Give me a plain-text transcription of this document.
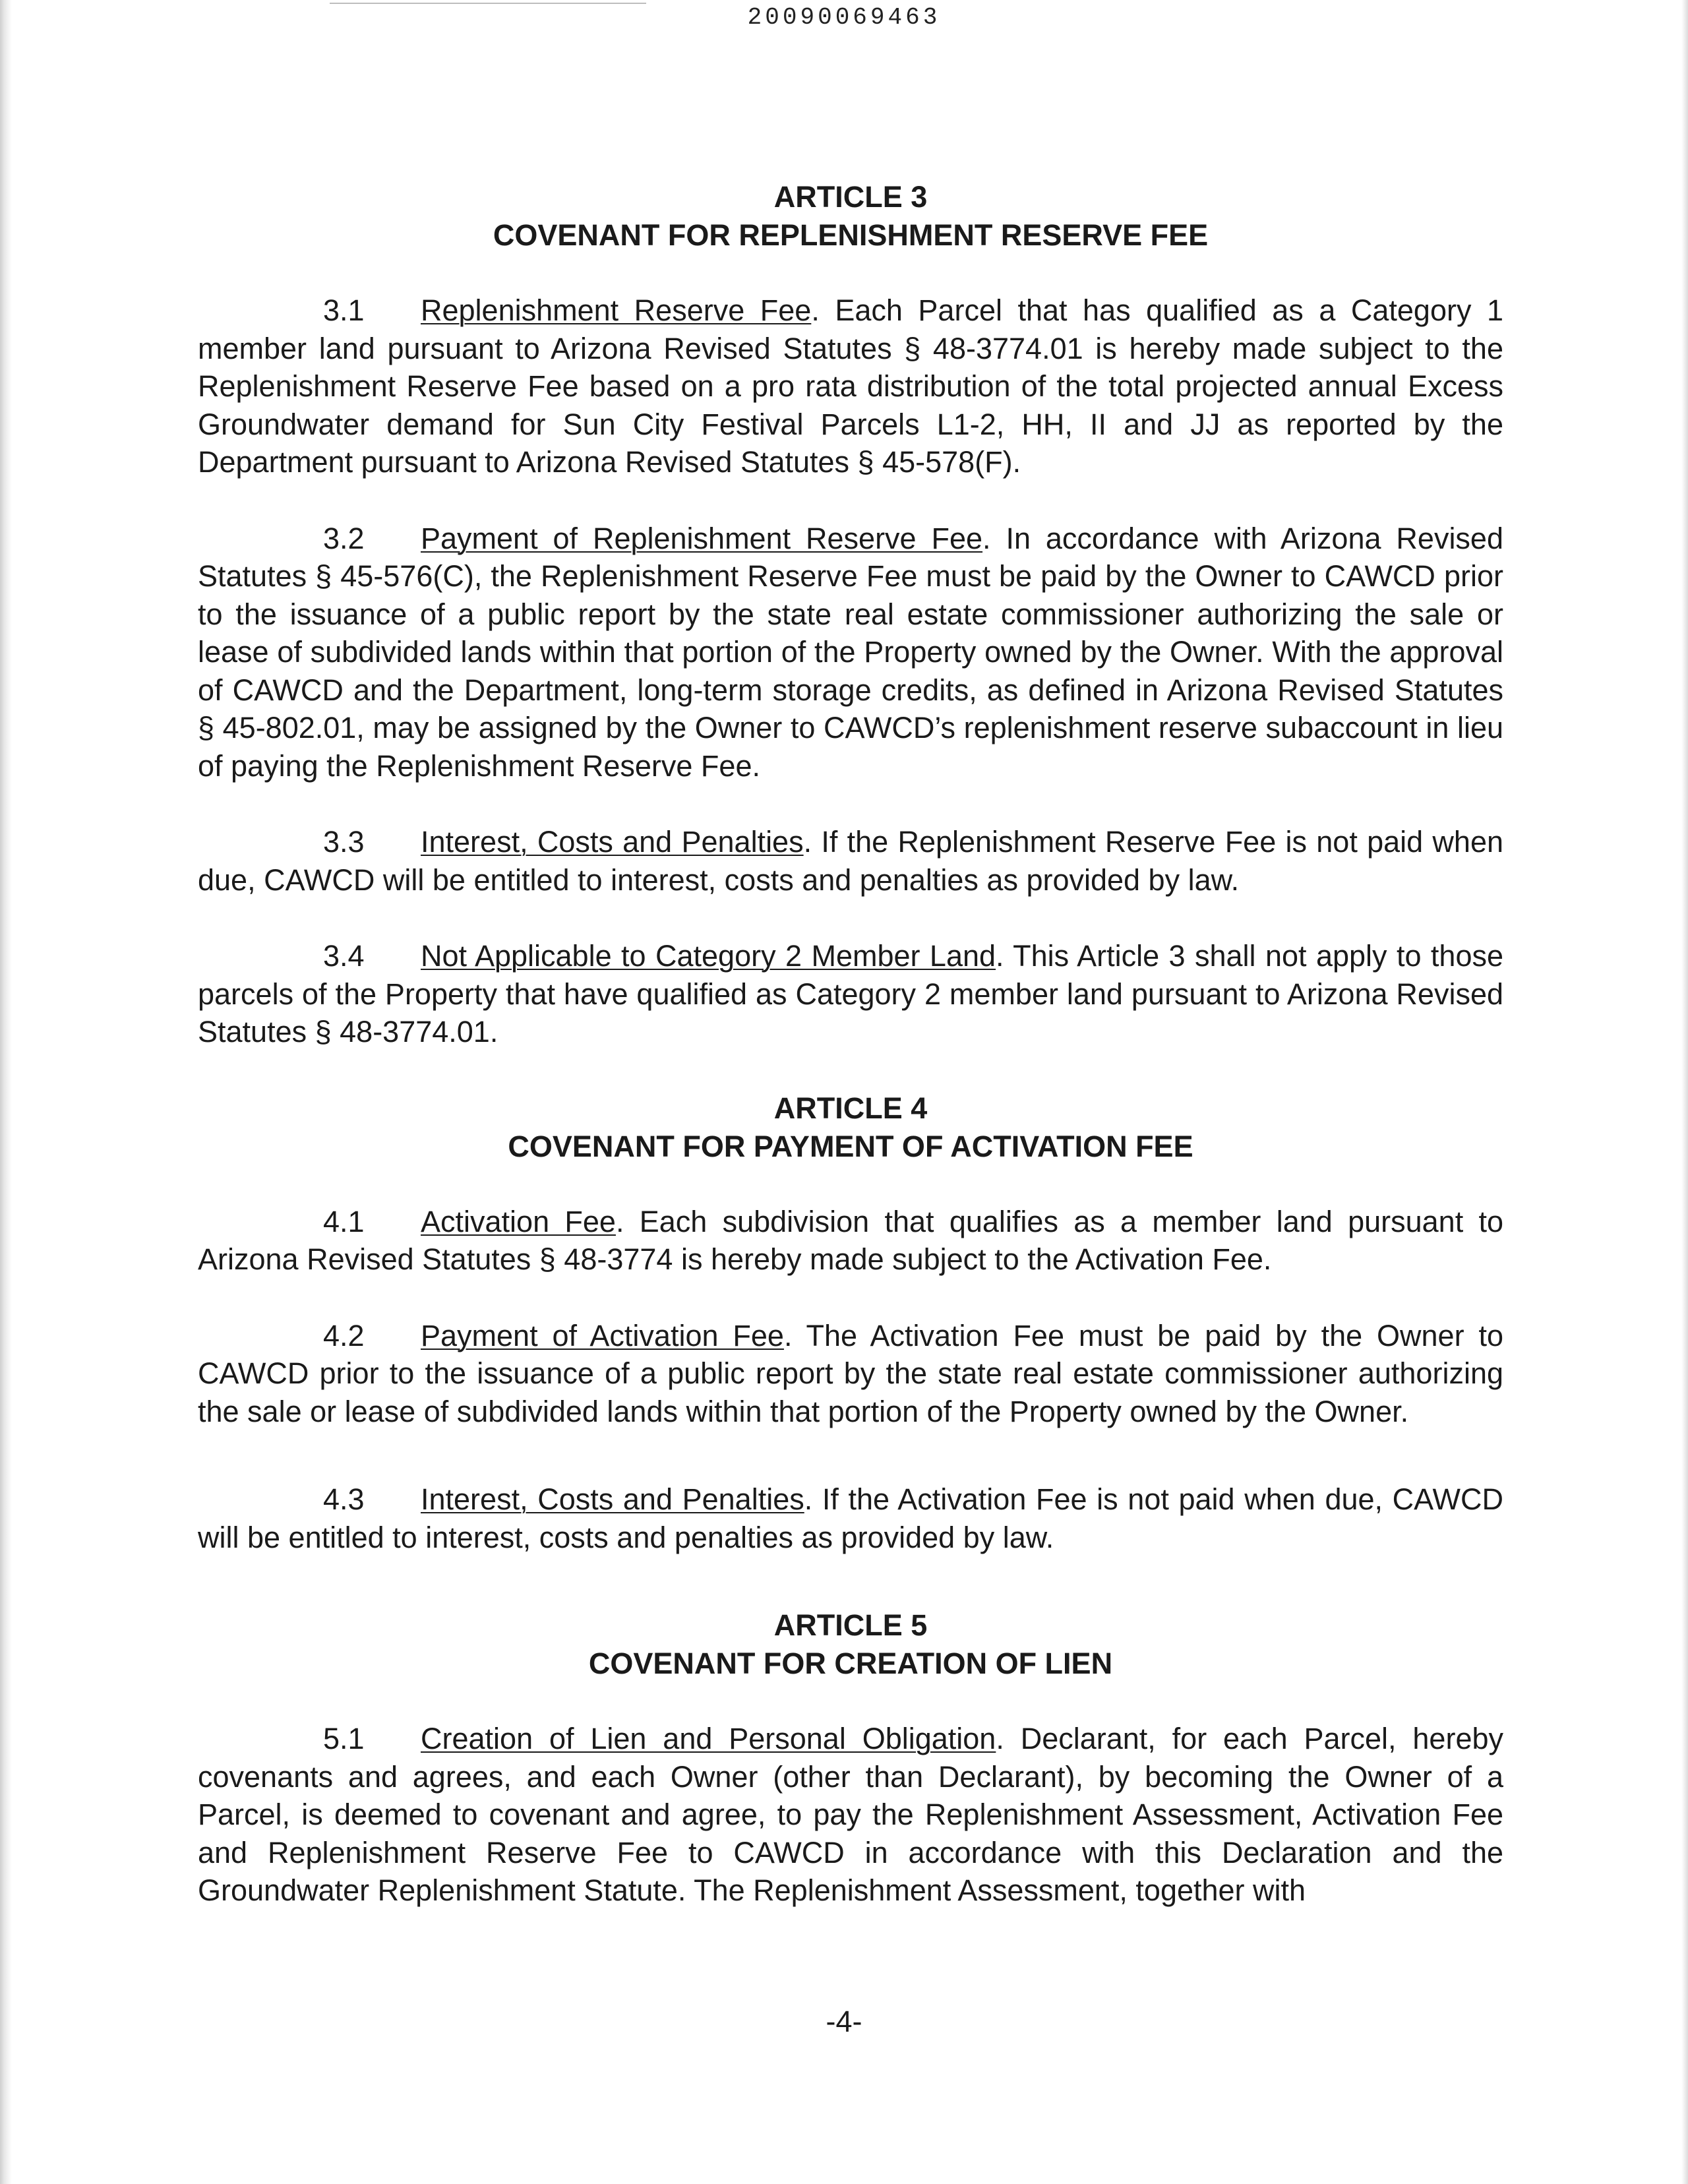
20090069463

ARTICLE 3

COVENANT FOR REPLENISHMENT RESERVE FEE

3.1 Replenishment Reserve Fee. Each Parcel that has qualified as a Category 1 member land pursuant to Arizona Revised Statutes § 48-3774.01 is hereby made subject to the Replenishment Reserve Fee based on a pro rata distribution of the total projected annual Excess Groundwater demand for Sun City Festival Parcels L1-2, HH, II and JJ as reported by the Department pursuant to Arizona Revised Statutes § 45-578(F).

3.2 Payment of Replenishment Reserve Fee. In accordance with Arizona Revised Statutes § 45-576(C), the Replenishment Reserve Fee must be paid by the Owner to CAWCD prior to the issuance of a public report by the state real estate commissioner authorizing the sale or lease of subdivided lands within that portion of the Property owned by the Owner. With the approval of CAWCD and the Department, long-term storage credits, as defined in Arizona Revised Statutes § 45-802.01, may be assigned by the Owner to CAWCD’s replenishment reserve subaccount in lieu of paying the Replenishment Reserve Fee.

3.3 Interest, Costs and Penalties. If the Replenishment Reserve Fee is not paid when due, CAWCD will be entitled to interest, costs and penalties as provided by law.

3.4 Not Applicable to Category 2 Member Land. This Article 3 shall not apply to those parcels of the Property that have qualified as Category 2 member land pursuant to Arizona Revised Statutes § 48-3774.01.

ARTICLE 4

COVENANT FOR PAYMENT OF ACTIVATION FEE

4.1 Activation Fee. Each subdivision that qualifies as a member land pursuant to Arizona Revised Statutes § 48-3774 is hereby made subject to the Activation Fee.

4.2 Payment of Activation Fee. The Activation Fee must be paid by the Owner to CAWCD prior to the issuance of a public report by the state real estate commissioner authorizing the sale or lease of subdivided lands within that portion of the Property owned by the Owner.

4.3 Interest, Costs and Penalties. If the Activation Fee is not paid when due, CAWCD will be entitled to interest, costs and penalties as provided by law.

ARTICLE 5

COVENANT FOR CREATION OF LIEN

5.1 Creation of Lien and Personal Obligation. Declarant, for each Parcel, hereby covenants and agrees, and each Owner (other than Declarant), by becoming the Owner of a Parcel, is deemed to covenant and agree, to pay the Replenishment Assessment, Activation Fee and Replenishment Reserve Fee to CAWCD in accordance with this Declaration and the Groundwater Replenishment Statute. The Replenishment Assessment, together with

-4-
